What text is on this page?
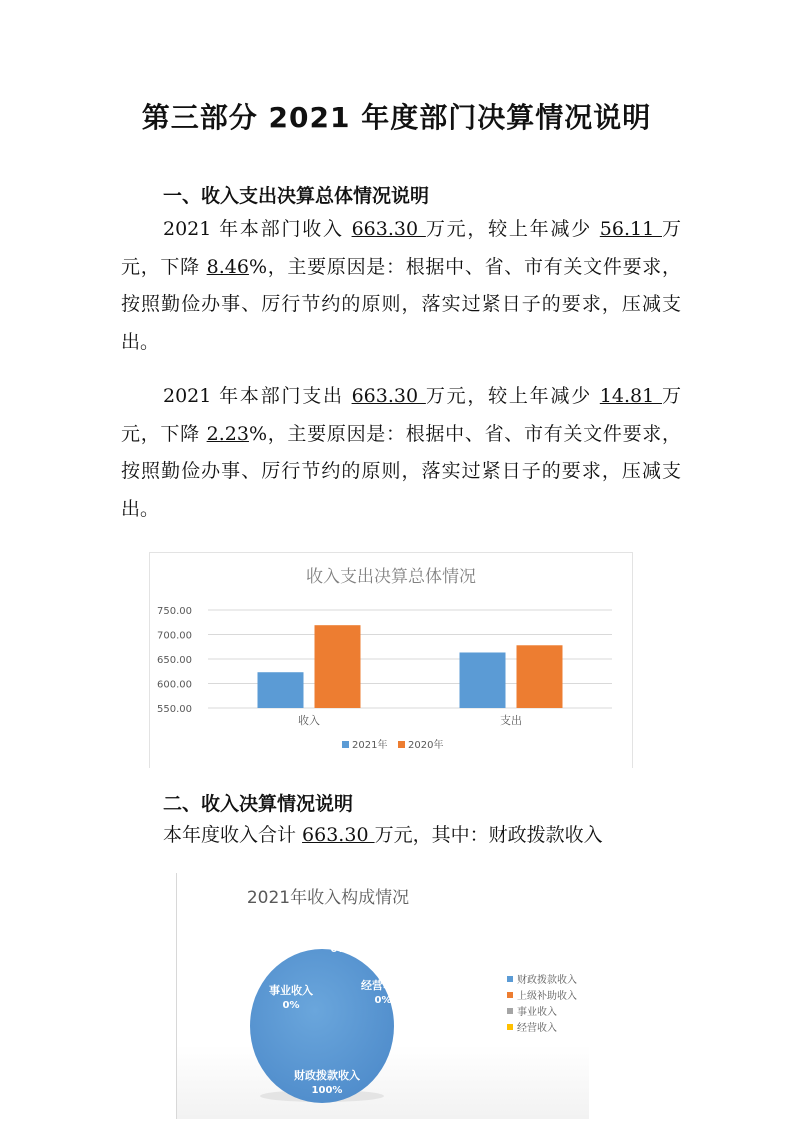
第三部分 2021 年度部门决算情况说明
一、收入支出决算总体情况说明
2021 年本部门收入 663.30 万元，较上年减少 56.11 万元，下降 8.46%，主要原因是：根据中、省、市有关文件要求，按照勤俭办事、厉行节约的原则，落实过紧日子的要求，压减支出。
2021 年本部门支出 663.30 万元，较上年减少 14.81 万元，下降 2.23%，主要原因是：根据中、省、市有关文件要求，按照勤俭办事、厉行节约的原则，落实过紧日子的要求，压减支出。
收入支出决算总体情况
750.00
700.00
650.00
600.00
550.00
收入	支出
2021年 2020年
二、收入决算情况说明
本年度收入合计 663.30 万元，其中：财政拨款收入
2021年收入构成情况
财政拨款收入
100%
上级补助收入
0%
事业收入
0%
经营收入
0%
财政拨款收入
上级补助收入
事业收入
经营收入
